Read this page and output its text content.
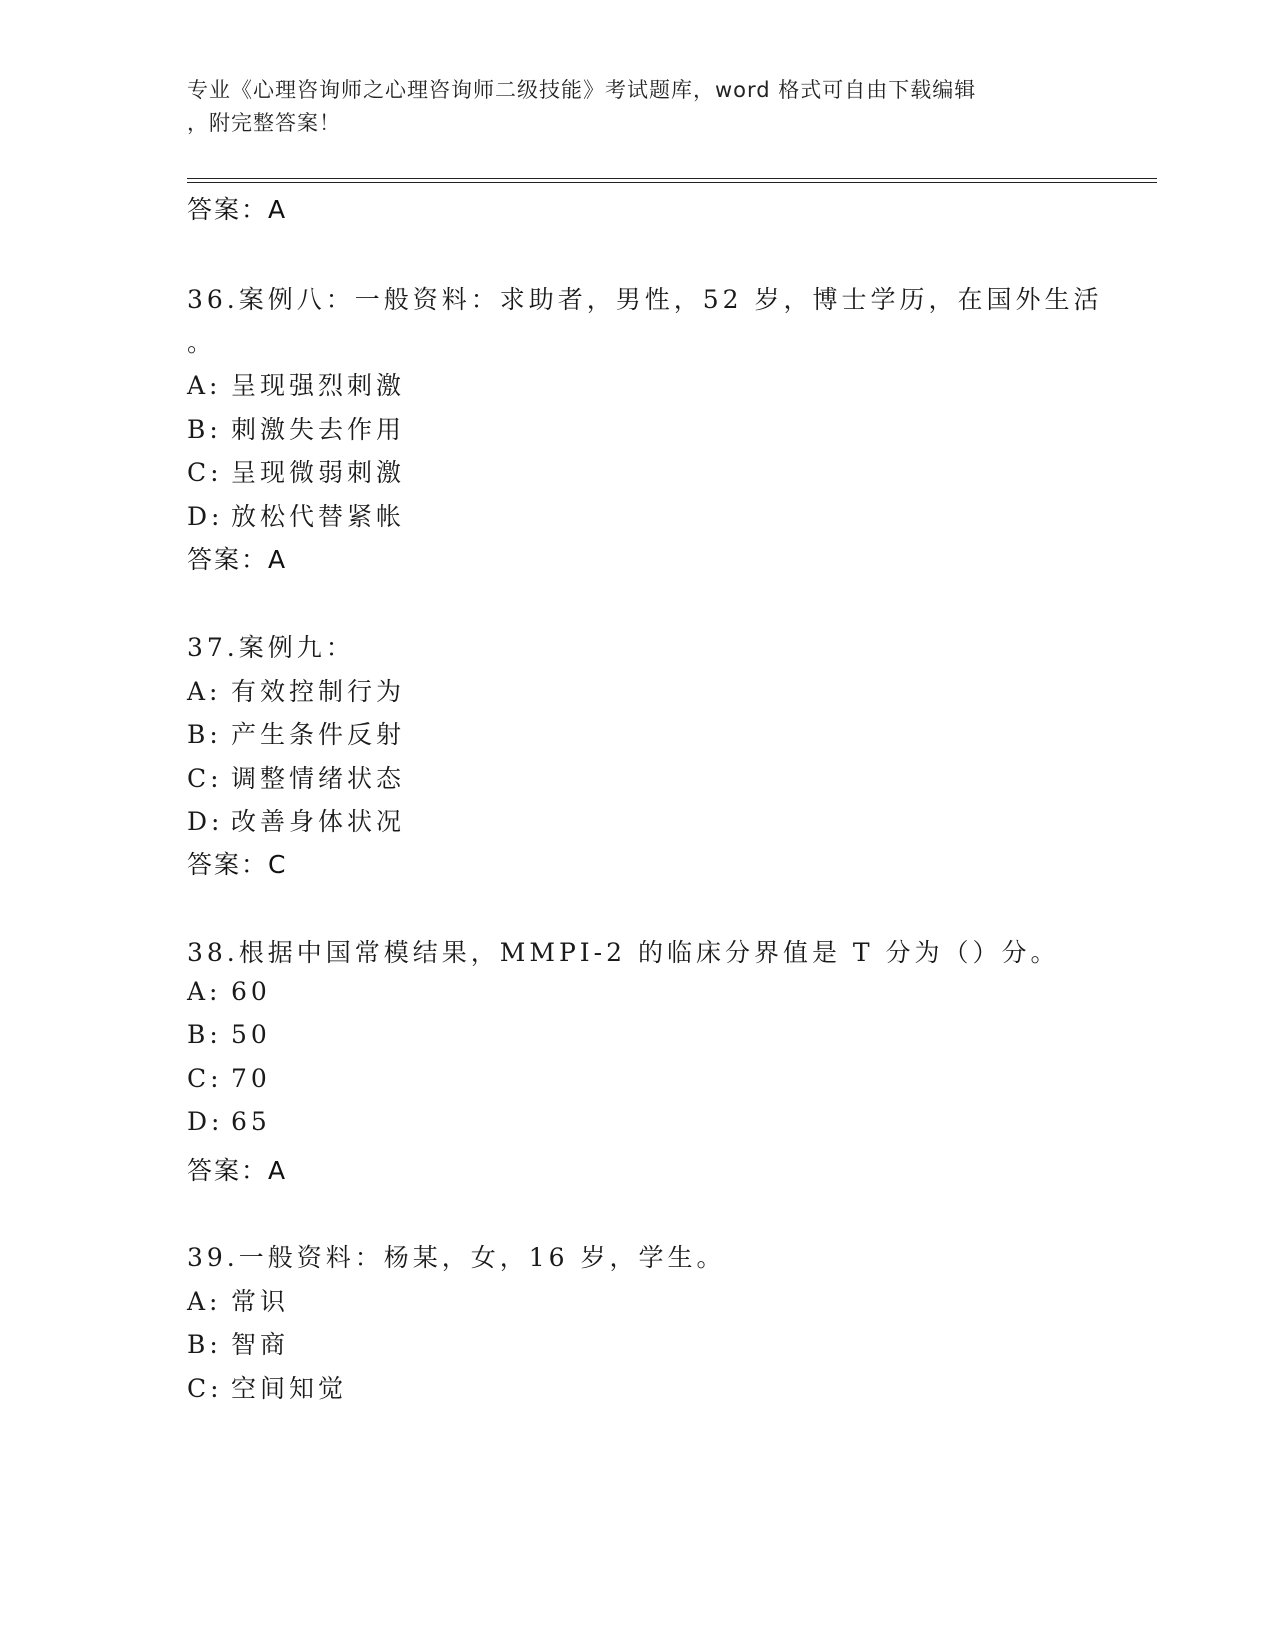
专业《心理咨询师之心理咨询师二级技能》考试题库，word 格式可自由下载编辑
，附完整答案！
答案：A
36.案例八：一般资料：求助者，男性，52 岁，博士学历，在国外生活
。
A: 呈现强烈刺激
B: 刺激失去作用
C: 呈现微弱刺激
D: 放松代替紧帐
答案：A
37.案例九：
A: 有效控制行为
B: 产生条件反射
C: 调整情绪状态
D: 改善身体状况
答案：C
38.根据中国常模结果，MMPI-2 的临床分界值是 T 分为（）分。
A: 60
B: 50
C: 70
D: 65
答案：A
39.一般资料：杨某，女，16 岁，学生。
A: 常识
B: 智商
C: 空间知觉
